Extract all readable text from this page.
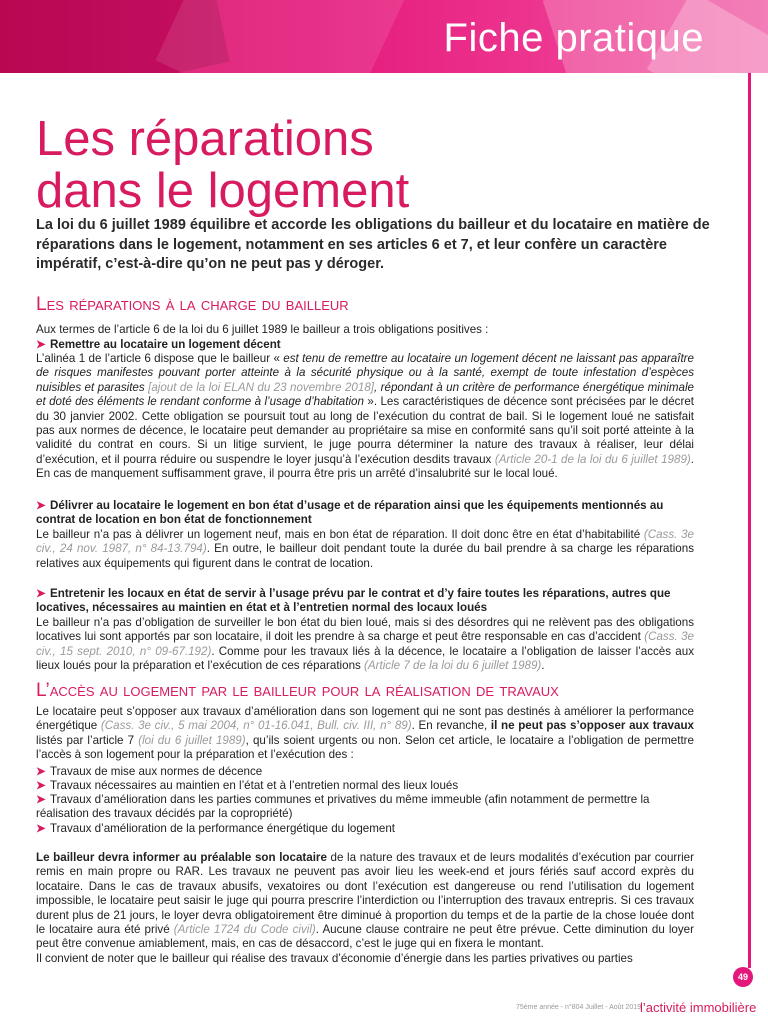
Fiche pratique
Les réparations
dans le logement
La loi du 6 juillet 1989 équilibre et accorde les obligations du bailleur et du locataire en matière de réparations dans le logement, notamment en ses articles 6 et 7, et leur confère un caractère impératif, c’est-à-dire qu’on ne peut pas y déroger.
Les réparations à la charge du bailleur
Aux termes de l’article 6 de la loi du 6 juillet 1989 le bailleur a trois obligations positives :
➤ Remettre au locataire un logement décent
L’alinéa 1 de l’article 6 dispose que le bailleur « est tenu de remettre au locataire un logement décent ne laissant pas apparaître de risques manifestes pouvant porter atteinte à la sécurité physique ou à la santé, exempt de toute infestation d’espèces nuisibles et parasites [ajout de la loi ELAN du 23 novembre 2018], répondant à un critère de performance énergétique minimale et doté des éléments le rendant conforme à l’usage d’habitation ». Les caractéristiques de décence sont précisées par le décret du 30 janvier 2002. Cette obligation se poursuit tout au long de l’exécution du contrat de bail. Si le logement loué ne satisfait pas aux normes de décence, le locataire peut demander au propriétaire sa mise en conformité sans qu’il soit porté atteinte à la validité du contrat en cours. Si un litige survient, le juge pourra déterminer la nature des travaux à réaliser, leur délai d’exécution, et il pourra réduire ou suspendre le loyer jusqu’à l’exécution desdits travaux (Article 20-1 de la loi du 6 juillet 1989). En cas de manquement suffisamment grave, il pourra être pris un arrêté d’insalubrité sur le local loué.
➤ Délivrer au locataire le logement en bon état d’usage et de réparation ainsi que les équipements mentionnés au contrat de location en bon état de fonctionnement
Le bailleur n’a pas à délivrer un logement neuf, mais en bon état de réparation. Il doit donc être en état d’habitabilité (Cass. 3e civ., 24 nov. 1987, n° 84-13.794). En outre, le bailleur doit pendant toute la durée du bail prendre à sa charge les réparations relatives aux équipements qui figurent dans le contrat de location.
➤ Entretenir les locaux en état de servir à l’usage prévu par le contrat et d’y faire toutes les réparations, autres que locatives, nécessaires au maintien en état et à l’entretien normal des locaux loués
Le bailleur n’a pas d’obligation de surveiller le bon état du bien loué, mais si des désordres qui ne relèvent pas des obligations locatives lui sont apportés par son locataire, il doit les prendre à sa charge et peut être responsable en cas d’accident (Cass. 3e civ., 15 sept. 2010, n° 09-67.192). Comme pour les travaux liés à la décence, le locataire a l’obligation de laisser l’accès aux lieux loués pour la préparation et l’exécution de ces réparations (Article 7 de la loi du 6 juillet 1989).
L’accès au logement par le bailleur pour la réalisation de travaux
Le locataire peut s’opposer aux travaux d’amélioration dans son logement qui ne sont pas destinés à améliorer la performance énergétique (Cass. 3e civ., 5 mai 2004, n° 01-16.041, Bull. civ. III, n° 89). En revanche, il ne peut pas s’opposer aux travaux listés par l’article 7 (loi du 6 juillet 1989), qu’ils soient urgents ou non. Selon cet article, le locataire a l’obligation de permettre l’accès à son logement pour la préparation et l’exécution des :
➤ Travaux de mise aux normes de décence
➤ Travaux nécessaires au maintien en l’état et à l’entretien normal des lieux loués
➤ Travaux d’amélioration dans les parties communes et privatives du même immeuble (afin notamment de permettre la réalisation des travaux décidés par la copropriété)
➤ Travaux d’amélioration de la performance énergétique du logement
Le bailleur devra informer au préalable son locataire de la nature des travaux et de leurs modalités d’exécution par courrier remis en main propre ou RAR. Les travaux ne peuvent pas avoir lieu les week-end et jours fériés sauf accord exprès du locataire. Dans le cas de travaux abusifs, vexatoires ou dont l’exécution est dangereuse ou rend l’utilisation du logement impossible, le locataire peut saisir le juge qui pourra prescrire l’interdiction ou l’interruption des travaux entrepris. Si ces travaux durent plus de 21 jours, le loyer devra obligatoirement être diminué à proportion du temps et de la partie de la chose louée dont le locataire aura été privé (Article 1724 du Code civil). Aucune clause contraire ne peut être prévue. Cette diminution du loyer peut être convenue amiablement, mais, en cas de désaccord, c’est le juge qui en fixera le montant.
Il convient de noter que le bailleur qui réalise des travaux d’économie d’énergie dans les parties privatives ou parties
49
75ème année - n°804 Juillet - Août 2019 l’activité immobilière
